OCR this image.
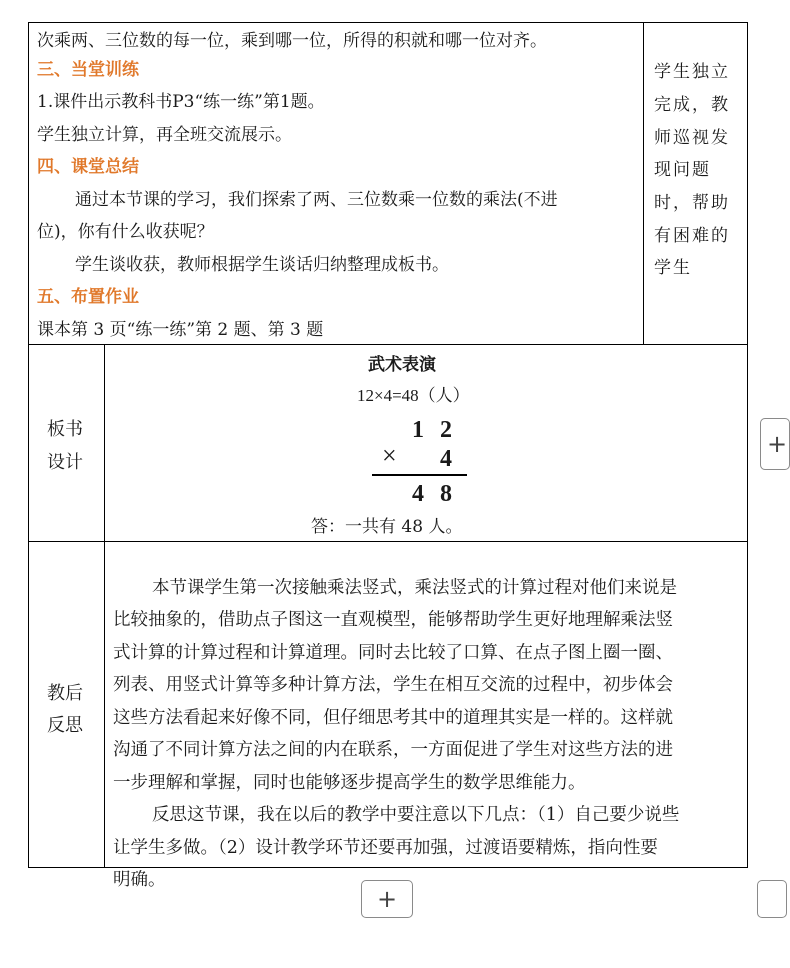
次乘两、三位数的每一位，乘到哪一位，所得的积就和哪一位对齐。
三、当堂训练
1.课件出示教科书P3“练一练”第1题。
学生独立计算，再全班交流展示。
四、课堂总结
通过本节课的学习，我们探索了两、三位数乘一位数的乘法(不进
位)，你有什么收获呢？
学生谈收获，教师根据学生谈话归纳整理成板书。
五、布置作业
课本第 3 页“练一练”第 2 题、第 3 题
学生独立
完成，教
师巡视发
现问题
时，帮助
有困难的
学生
板书
设计
武术表演
12×4=48（人）
1 2
× 4
4 8
答：一共有 48 人。
教后
反思
本节课学生第一次接触乘法竖式，乘法竖式的计算过程对他们来说是
比较抽象的，借助点子图这一直观模型，能够帮助学生更好地理解乘法竖
式计算的计算过程和计算道理。同时去比较了口算、在点子图上圈一圈、
列表、用竖式计算等多种计算方法，学生在相互交流的过程中，初步体会
这些方法看起来好像不同，但仔细思考其中的道理其实是一样的。这样就
沟通了不同计算方法之间的内在联系，一方面促进了学生对这些方法的进
一步理解和掌握，同时也能够逐步提高学生的数学思维能力。
反思这节课，我在以后的教学中要注意以下几点：（1）自己要少说些
让学生多做。（2）设计教学环节还要再加强，过渡语要精炼，指向性要
明确。
+
+
